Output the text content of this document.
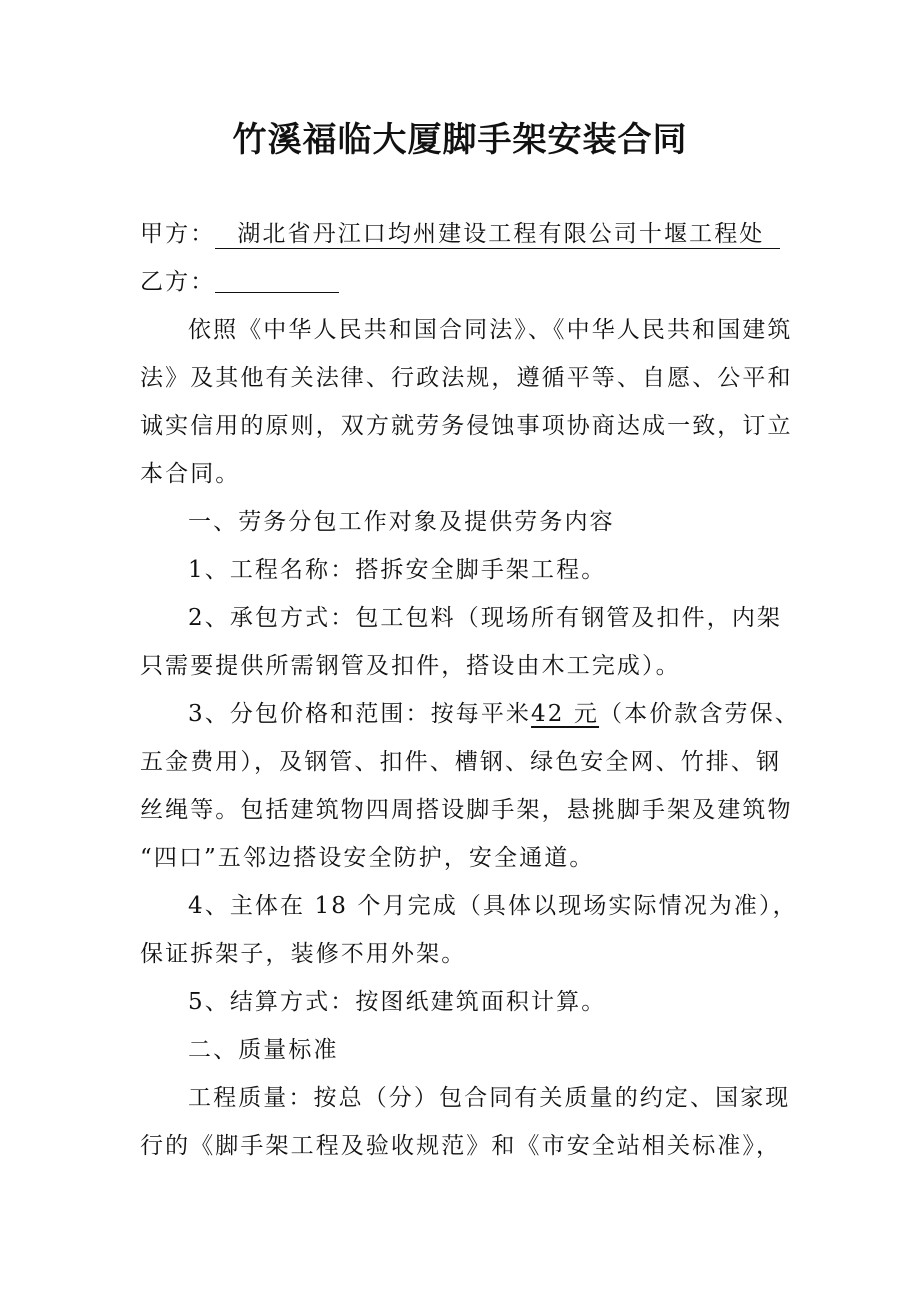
竹溪福临大厦脚手架安装合同
甲方： 湖北省丹江口均州建设工程有限公司十堰工程处
乙方：
依照《中华人民共和国合同法》、《中华人民共和国建筑
法》及其他有关法律、行政法规，遵循平等、自愿、公平和
诚实信用的原则，双方就劳务侵蚀事项协商达成一致，订立
本合同。
一、劳务分包工作对象及提供劳务内容
1、工程名称：搭拆安全脚手架工程。
2、承包方式：包工包料（现场所有钢管及扣件，内架
只需要提供所需钢管及扣件，搭设由木工完成）。
3、分包价格和范围：按每平米42 元（本价款含劳保、
五金费用），及钢管、扣件、槽钢、绿色安全网、竹排、钢
丝绳等。包括建筑物四周搭设脚手架，悬挑脚手架及建筑物
“四口”五邻边搭设安全防护，安全通道。
4、主体在 18 个月完成（具体以现场实际情况为准），
保证拆架子，装修不用外架。
5、结算方式：按图纸建筑面积计算。
二、质量标准
工程质量：按总（分）包合同有关质量的约定、国家现
行的《脚手架工程及验收规范》和《市安全站相关标准》，
